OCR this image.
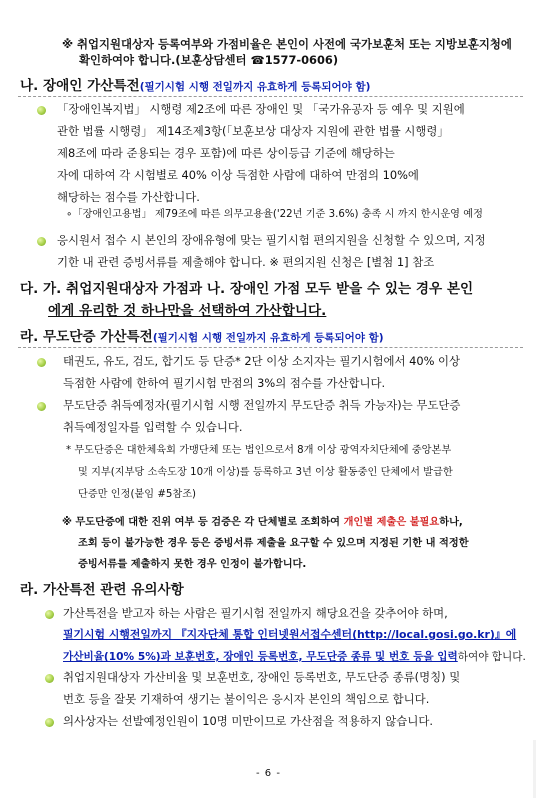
※ 취업지원대상자 등록여부와 가점비율은 본인이 사전에 국가보훈처 또는 지방보훈지청에
확인하여야 합니다.(보훈상담센터 ☎1577-0606)
나. 장애인 가산특전(필기시험 시행 전일까지 유효하게 등록되어야 함)
「장애인복지법」 시행령 제2조에 따른 장애인 및 「국가유공자 등 예우 및 지원에
관한 법률 시행령」 제14조제3항(「보훈보상 대상자 지원에 관한 법률 시행령」
제8조에 따라 준용되는 경우 포함)에 따른 상이등급 기준에 해당하는
자에 대하여 각 시험별로 40% 이상 득점한 사람에 대하여 만점의 10%에
해당하는 점수를 가산합니다.
∘「장애인고용법」 제79조에 따른 의무고용율('22년 기준 3.6%) 충족 시 까지 한시운영 예정
응시원서 접수 시 본인의 장애유형에 맞는 필기시험 편의지원을 신청할 수 있으며, 지정
기한 내 관련 증빙서류를 제출해야 합니다. ※ 편의지원 신청은 [별첨 1] 참조
다. 가. 취업지원대상자 가점과 나. 장애인 가점 모두 받을 수 있는 경우 본인
에게 유리한 것 하나만을 선택하여 가산합니다.
라. 무도단증 가산특전(필기시험 시행 전일까지 유효하게 등록되어야 함)
태권도, 유도, 검도, 합기도 등 단증* 2단 이상 소지자는 필기시험에서 40% 이상
득점한 사람에 한하여 필기시험 만점의 3%의 점수를 가산합니다.
무도단증 취득예정자(필기시험 시행 전일까지 무도단증 취득 가능자)는 무도단증
취득예정일자를 입력할 수 있습니다.
* 무도단증은 대한체육회 가맹단체 또는 법인으로서 8개 이상 광역자치단체에 중앙본부
및 지부(지부당 소속도장 10개 이상)를 등록하고 3년 이상 활동중인 단체에서 발급한
단증만 인정(붙임 #5참조)
※ 무도단증에 대한 진위 여부 등 검증은 각 단체별로 조회하여 개인별 제출은 불필요하나,
조회 등이 불가능한 경우 등은 증빙서류 제출을 요구할 수 있으며 지정된 기한 내 적정한
증빙서류를 제출하지 못한 경우 인정이 불가합니다.
라. 가산특전 관련 유의사항
가산특전을 받고자 하는 사람은 필기시험 전일까지 해당요건을 갖추어야 하며,
필기시험 시행전일까지 『지자단체 통합 인터넷원서접수센터(http://local.gosi.go.kr)』에
가산비율(10% 5%)과 보훈번호, 장애인 등록번호, 무도단증 종류 및 번호 등을 입력하여야 합니다.
취업지원대상자 가산비율 및 보훈번호, 장애인 등록번호, 무도단증 종류(명칭) 및
번호 등을 잘못 기재하여 생기는 불이익은 응시자 본인의 책임으로 합니다.
의사상자는 선발예정인원이 10명 미만이므로 가산점을 적용하지 않습니다.
- 6 -
